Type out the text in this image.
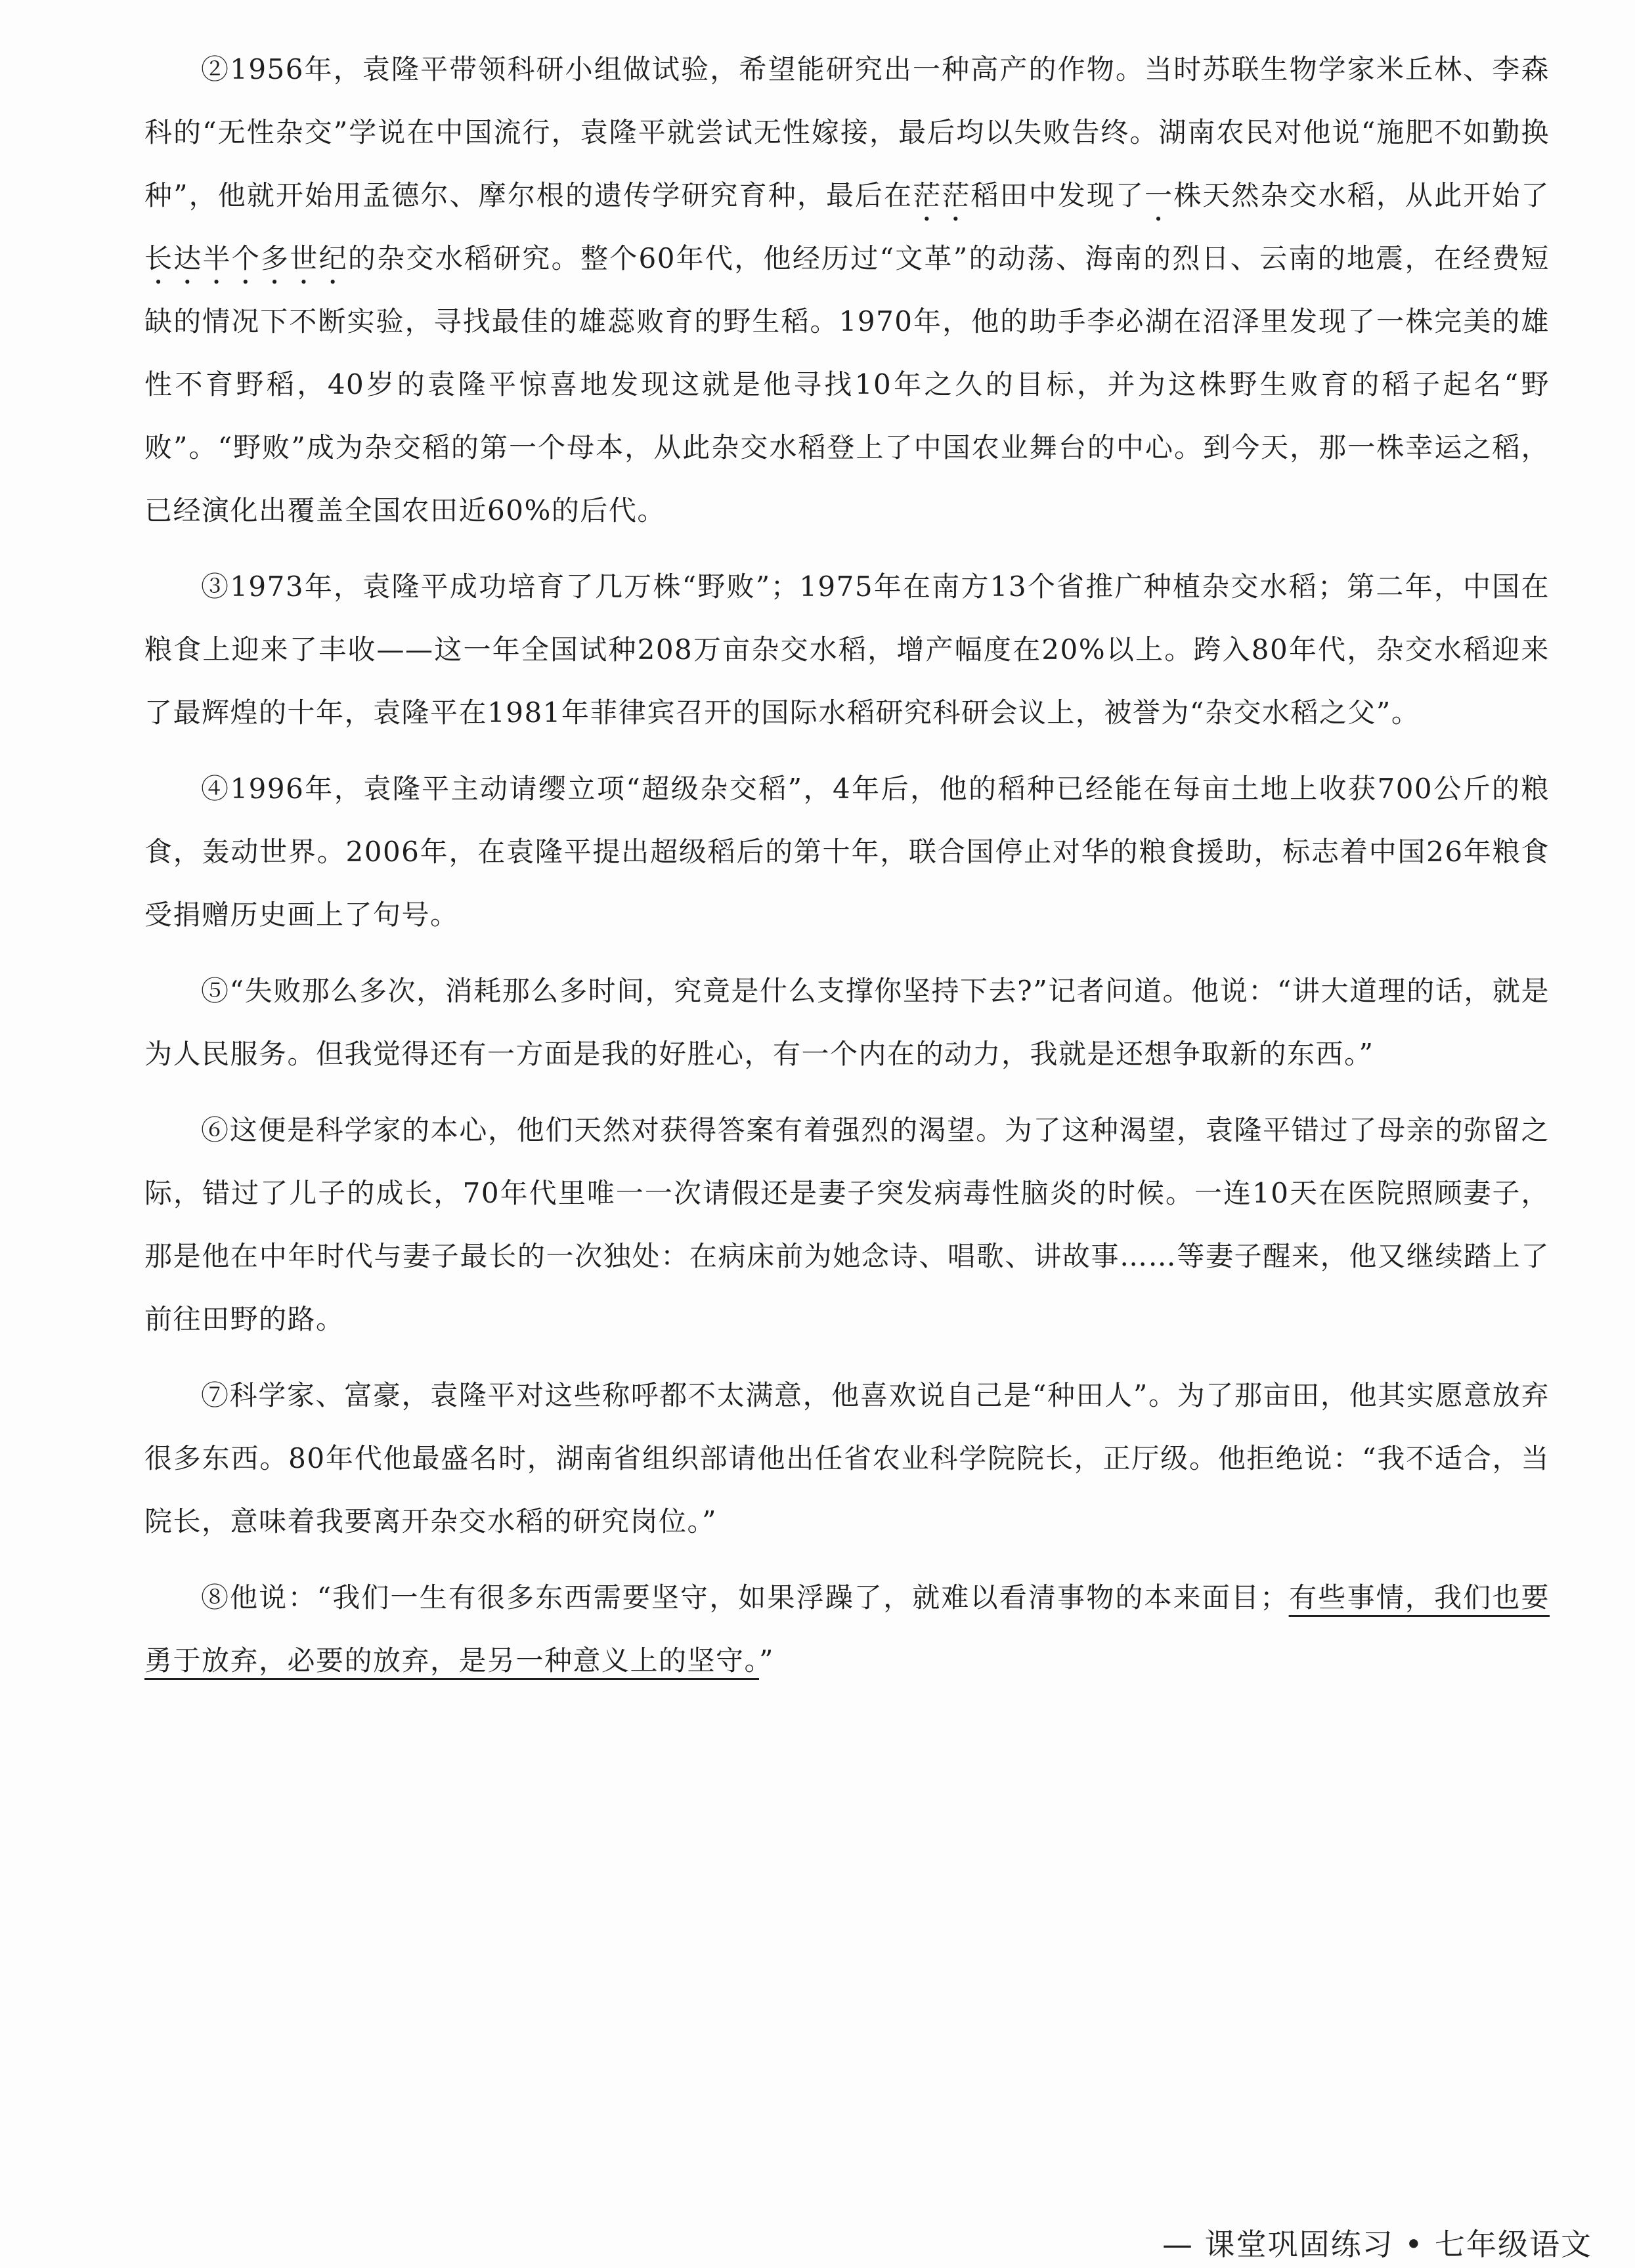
②1956年，袁隆平带领科研小组做试验，希望能研究出一种高产的作物。当时苏联生物学家米丘林、李森科的“无性杂交”学说在中国流行，袁隆平就尝试无性嫁接，最后均以失败告终。湖南农民对他说“施肥不如勤换种”，他就开始用孟德尔、摩尔根的遗传学研究育种，最后在茫茫稻田中发现了一株天然杂交水稻，从此开始了长达半个多世纪的杂交水稻研究。整个60年代，他经历过“文革”的动荡、海南的烈日、云南的地震，在经费短缺的情况下不断实验，寻找最佳的雄蕊败育的野生稻。1970年，他的助手李必湖在沼泽里发现了一株完美的雄性不育野稻，40岁的袁隆平惊喜地发现这就是他寻找10年之久的目标，并为这株野生败育的稻子起名“野败”。“野败”成为杂交稻的第一个母本，从此杂交水稻登上了中国农业舞台的中心。到今天，那一株幸运之稻，已经演化出覆盖全国农田近60%的后代。

③1973年，袁隆平成功培育了几万株“野败”；1975年在南方13个省推广种植杂交水稻；第二年，中国在粮食上迎来了丰收——这一年全国试种208万亩杂交水稻，增产幅度在20%以上。跨入80年代，杂交水稻迎来了最辉煌的十年，袁隆平在1981年菲律宾召开的国际水稻研究科研会议上，被誉为“杂交水稻之父”。

④1996年，袁隆平主动请缨立项“超级杂交稻”，4年后，他的稻种已经能在每亩土地上收获700公斤的粮食，轰动世界。2006年，在袁隆平提出超级稻后的第十年，联合国停止对华的粮食援助，标志着中国26年粮食受捐赠历史画上了句号。

⑤“失败那么多次，消耗那么多时间，究竟是什么支撑你坚持下去?”记者问道。他说：“讲大道理的话，就是为人民服务。但我觉得还有一方面是我的好胜心，有一个内在的动力，我就是还想争取新的东西。”

⑥这便是科学家的本心，他们天然对获得答案有着强烈的渴望。为了这种渴望，袁隆平错过了母亲的弥留之际，错过了儿子的成长，70年代里唯一一次请假还是妻子突发病毒性脑炎的时候。一连10天在医院照顾妻子，那是他在中年时代与妻子最长的一次独处：在病床前为她念诗、唱歌、讲故事……等妻子醒来，他又继续踏上了前往田野的路。

⑦科学家、富豪，袁隆平对这些称呼都不太满意，他喜欢说自己是“种田人”。为了那亩田，他其实愿意放弃很多东西。80年代他最盛名时，湖南省组织部请他出任省农业科学院院长，正厅级。他拒绝说：“我不适合，当院长，意味着我要离开杂交水稻的研究岗位。”

⑧他说：“我们一生有很多东西需要坚守，如果浮躁了，就难以看清事物的本来面目；有些事情，我们也要勇于放弃，必要的放弃，是另一种意义上的坚守。”

— 课堂巩固练习 • 七年级语文
